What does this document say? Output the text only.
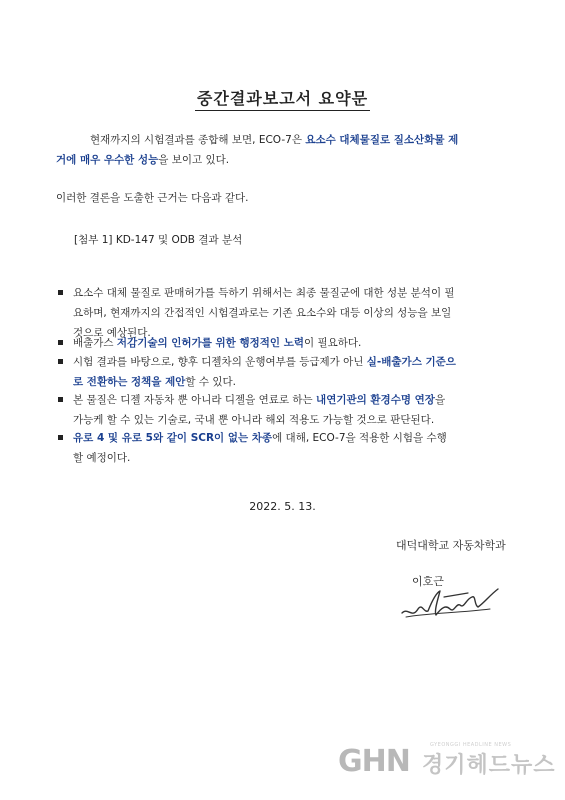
중간결과보고서 요약문
현재까지의 시험결과를 종합해 보면, ECO-7은 요소수 대체물질로 질소산화물 제
거에 매우 우수한 성능을 보이고 있다.
이러한 결론을 도출한 근거는 다음과 같다.
[첨부 1] KD-147 및 ODB 결과 분석
요소수 대체 물질로 판매허가를 득하기 위해서는 최종 물질군에 대한 성분 분석이 필
요하며, 현재까지의 간접적인 시험결과로는 기존 요소수와 대등 이상의 성능을 보일
것으로 예상된다.
배출가스 저감기술의 인허가를 위한 행정적인 노력이 필요하다.
시험 결과를 바탕으로, 향후 디젤차의 운행여부를 등급제가 아닌 실-배출가스 기준으
로 전환하는 정책을 제안할 수 있다.
본 물질은 디젤 자동차 뿐 아니라 디젤을 연료로 하는 내연기관의 환경수명 연장을
가능케 할 수 있는 기술로, 국내 뿐 아니라 해외 적용도 가능할 것으로 판단된다.
유로 4 및 유로 5와 같이 SCR이 없는 차종에 대해, ECO-7을 적용한 시험을 수행
할 예정이다.
2022. 5. 13.
대덕대학교 자동차학과
이호근
GHN	GYEONGGI HEADLINE NEWS
경기헤드뉴스
